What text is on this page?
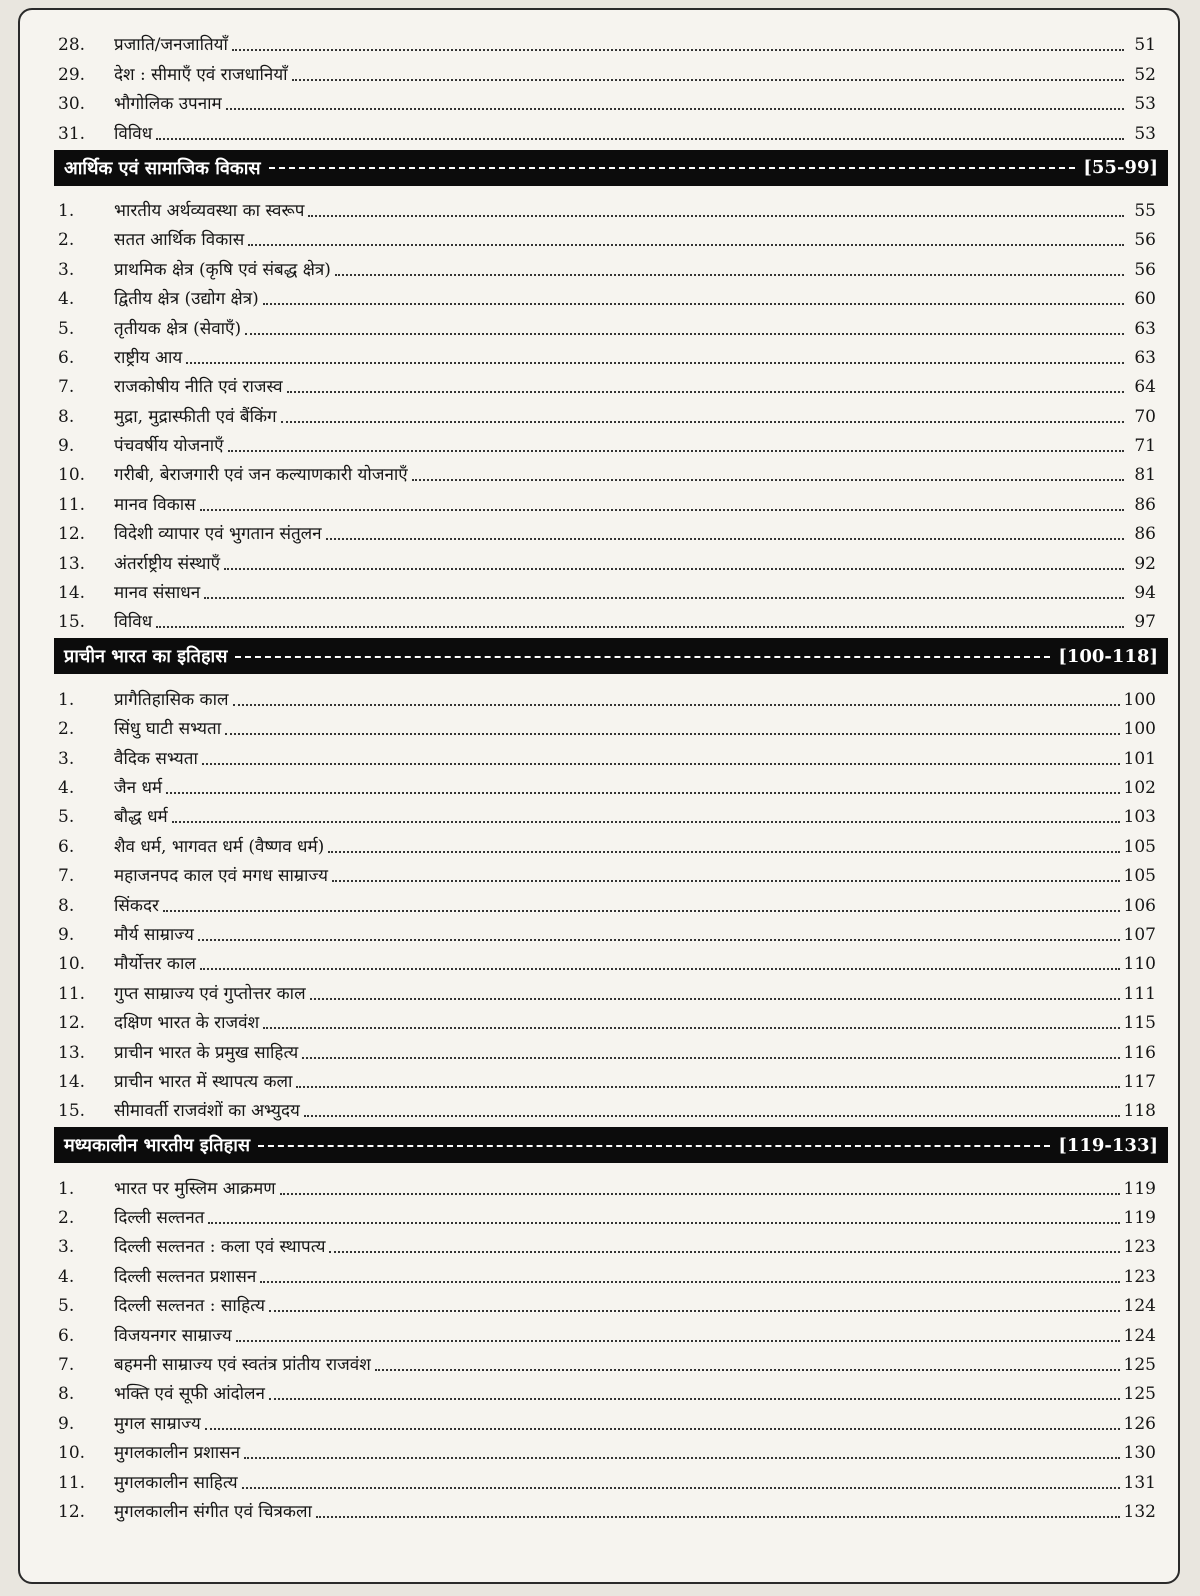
28.	प्रजाति/जनजातियाँ	51
29.	देश : सीमाएँ एवं राजधानियाँ	52
30.	भौगोलिक उपनाम	53
31.	विविध	53
आर्थिक एवं सामाजिक विकास	[55-99]
1.	भारतीय अर्थव्यवस्था का स्वरूप	55
2.	सतत आर्थिक विकास	56
3.	प्राथमिक क्षेत्र (कृषि एवं संबद्ध क्षेत्र)	56
4.	द्वितीय क्षेत्र (उद्योग क्षेत्र)	60
5.	तृतीयक क्षेत्र (सेवाएँ)	63
6.	राष्ट्रीय आय	63
7.	राजकोषीय नीति एवं राजस्व	64
8.	मुद्रा, मुद्रास्फीती एवं बैंकिंग	70
9.	पंचवर्षीय योजनाएँ	71
10.	गरीबी, बेराजगारी एवं जन कल्याणकारी योजनाएँ	81
11.	मानव विकास	86
12.	विदेशी व्यापार एवं भुगतान संतुलन	86
13.	अंतर्राष्ट्रीय संस्थाएँ	92
14.	मानव संसाधन	94
15.	विविध	97
प्राचीन भारत का इतिहास	[100-118]
1.	प्रागैतिहासिक काल	100
2.	सिंधु घाटी सभ्यता	100
3.	वैदिक सभ्यता	101
4.	जैन धर्म	102
5.	बौद्ध धर्म	103
6.	शैव धर्म, भागवत धर्म (वैष्णव धर्म)	105
7.	महाजनपद काल एवं मगध साम्राज्य	105
8.	सिंकदर	106
9.	मौर्य साम्राज्य	107
10.	मौर्योत्तर काल	110
11.	गुप्त साम्राज्य एवं गुप्तोत्तर काल	111
12.	दक्षिण भारत के राजवंश	115
13.	प्राचीन भारत के प्रमुख साहित्य	116
14.	प्राचीन भारत में स्थापत्य कला	117
15.	सीमावर्ती राजवंशों का अभ्युदय	118
मध्यकालीन भारतीय इतिहास	[119-133]
1.	भारत पर मुस्लिम आक्रमण	119
2.	दिल्ली सल्तनत	119
3.	दिल्ली सल्तनत : कला एवं स्थापत्य	123
4.	दिल्ली सल्तनत प्रशासन	123
5.	दिल्ली सल्तनत : साहित्य	124
6.	विजयनगर साम्राज्य	124
7.	बहमनी साम्राज्य एवं स्वतंत्र प्रांतीय राजवंश	125
8.	भक्ति एवं सूफी आंदोलन	125
9.	मुगल साम्राज्य	126
10.	मुगलकालीन प्रशासन	130
11.	मुगलकालीन साहित्य	131
12.	मुगलकालीन संगीत एवं चित्रकला	132
